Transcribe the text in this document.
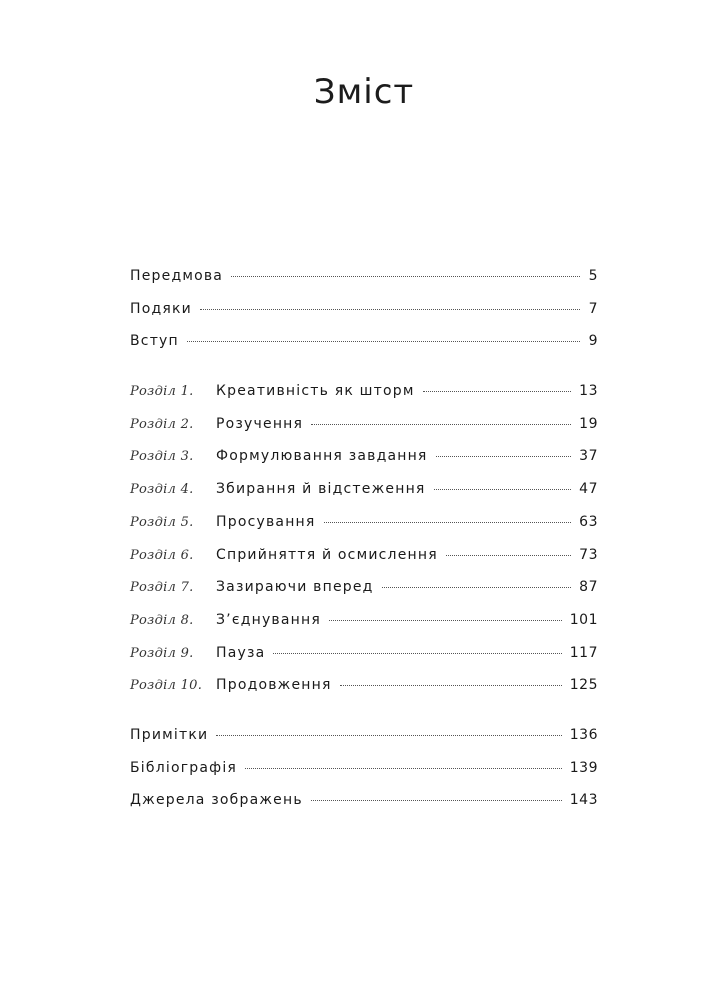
Зміст
Передмова	5
Подяки	7
Вступ	9
Розділ 1.	Креативність як шторм	13
Розділ 2.	Розучення	19
Розділ 3.	Формулювання завдання	37
Розділ 4.	Збирання й відстеження	47
Розділ 5.	Просування	63
Розділ 6.	Сприйняття й осмислення	73
Розділ 7.	Зазираючи вперед	87
Розділ 8.	З’єднування	101
Розділ 9.	Пауза	117
Розділ 10. Продовження	125
Примітки	136
Бібліографія	139
Джерела зображень	143
